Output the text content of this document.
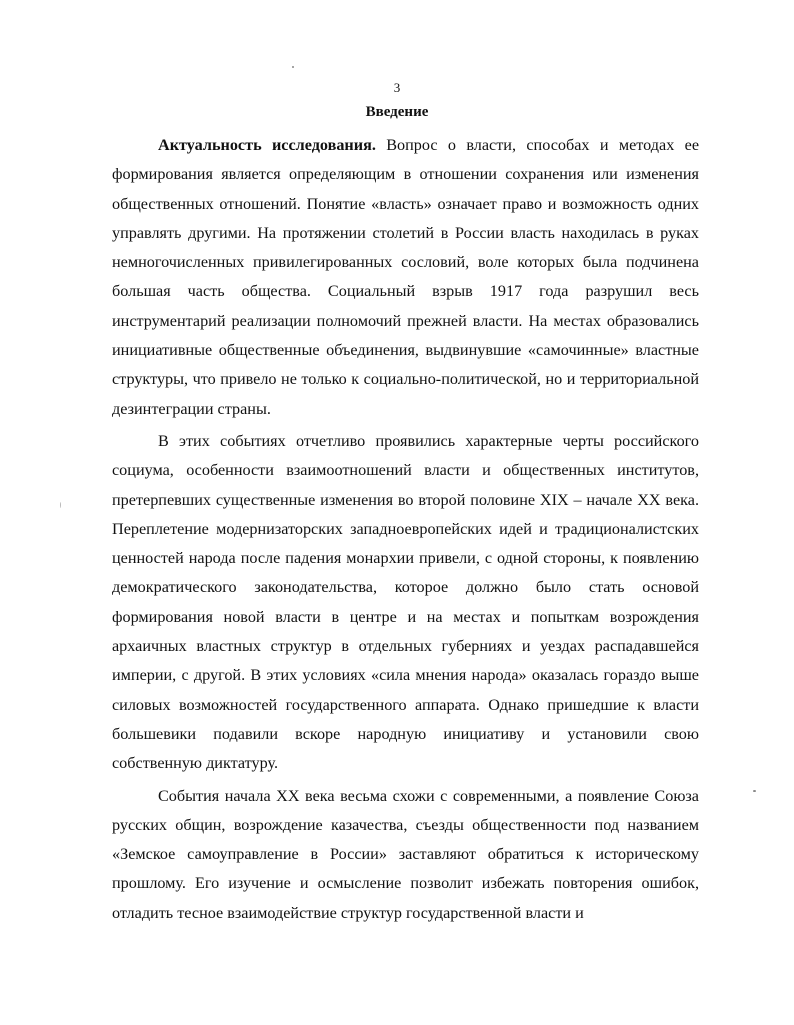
3
Введение

Актуальность исследования. Вопрос о власти, способах и методах ее формирования является определяющим в отношении сохранения или изменения общественных отношений. Понятие «власть» означает право и возможность одних управлять другими. На протяжении столетий в России власть находилась в руках немногочисленных привилегированных сословий, воле которых была подчинена большая часть общества. Социальный взрыв 1917 года разрушил весь инструментарий реализации полномочий прежней власти. На местах образовались инициативные общественные объединения, выдвинувшие «самочинные» властные структуры, что привело не только к социально-политической, но и территориальной дезинтеграции страны.

В этих событиях отчетливо проявились характерные черты российского социума, особенности взаимоотношений власти и общественных институтов, претерпевших существенные изменения во второй половине XIX – начале XX века. Переплетение модернизаторских западноевропейских идей и традиционалистских ценностей народа после падения монархии привели, с одной стороны, к появлению демократического законодательства, которое должно было стать основой формирования новой власти в центре и на местах и попыткам возрождения архаичных властных структур в отдельных губерниях и уездах распадавшейся империи, с другой. В этих условиях «сила мнения народа» оказалась гораздо выше силовых возможностей государственного аппарата. Однако пришедшие к власти большевики подавили вскоре народную инициативу и установили свою собственную диктатуру.

События начала XX века весьма схожи с современными, а появление Союза русских общин, возрождение казачества, съезды общественности под названием «Земское самоуправление в России» заставляют обратиться к историческому прошлому. Его изучение и осмысление позволит избежать повторения ошибок, отладить тесное взаимодействие структур государственной власти и
